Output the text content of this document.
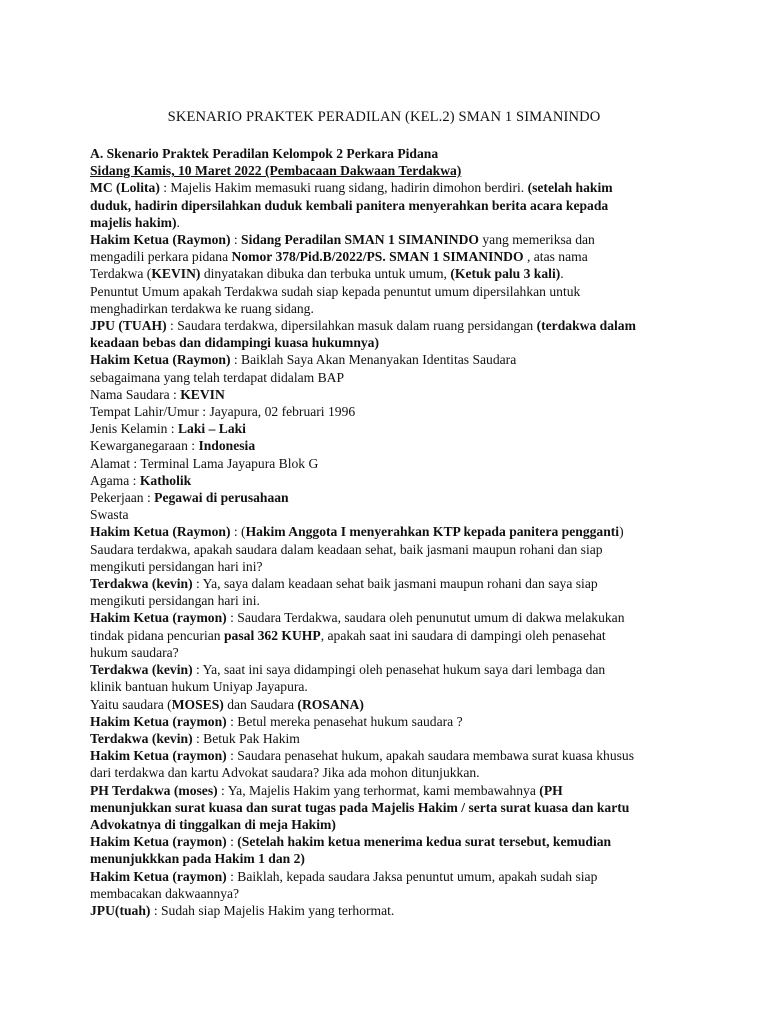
SKENARIO PRAKTEK PERADILAN (KEL.2) SMAN 1 SIMANINDO
A. Skenario Praktek Peradilan Kelompok 2 Perkara Pidana
Sidang Kamis, 10 Maret 2022 (Pembacaan Dakwaan Terdakwa)
MC (Lolita) : Majelis Hakim memasuki ruang sidang, hadirin dimohon berdiri. (setelah hakim
duduk, hadirin dipersilahkan duduk kembali panitera menyerahkan berita acara kepada
majelis hakim).
Hakim Ketua (Raymon) : Sidang Peradilan SMAN 1 SIMANINDO yang memeriksa dan
mengadili perkara pidana Nomor 378/Pid.B/2022/PS. SMAN 1 SIMANINDO , atas nama
Terdakwa (KEVIN) dinyatakan dibuka dan terbuka untuk umum, (Ketuk palu 3 kali).
Penuntut Umum apakah Terdakwa sudah siap kepada penuntut umum dipersilahkan untuk
menghadirkan terdakwa ke ruang sidang.
JPU (TUAH) : Saudara terdakwa, dipersilahkan masuk dalam ruang persidangan (terdakwa dalam
keadaan bebas dan didampingi kuasa hukumnya)
Hakim Ketua (Raymon) : Baiklah Saya Akan Menanyakan Identitas Saudara
sebagaimana yang telah terdapat didalam BAP
Nama Saudara : KEVIN
Tempat Lahir/Umur : Jayapura, 02 februari 1996
Jenis Kelamin : Laki – Laki
Kewarganegaraan : Indonesia
Alamat : Terminal Lama Jayapura Blok G
Agama : Katholik
Pekerjaan : Pegawai di perusahaan
Swasta
Hakim Ketua (Raymon) : (Hakim Anggota I menyerahkan KTP kepada panitera pengganti)
Saudara terdakwa, apakah saudara dalam keadaan sehat, baik jasmani maupun rohani dan siap
mengikuti persidangan hari ini?
Terdakwa (kevin) : Ya, saya dalam keadaan sehat baik jasmani maupun rohani dan saya siap
mengikuti persidangan hari ini.
Hakim Ketua (raymon) : Saudara Terdakwa, saudara oleh penunutut umum di dakwa melakukan
tindak pidana pencurian pasal 362 KUHP, apakah saat ini saudara di dampingi oleh penasehat
hukum saudara?
Terdakwa (kevin) : Ya, saat ini saya didampingi oleh penasehat hukum saya dari lembaga dan
klinik bantuan hukum Uniyap Jayapura.
Yaitu saudara (MOSES) dan Saudara (ROSANA)
Hakim Ketua (raymon) : Betul mereka penasehat hukum saudara ?
Terdakwa (kevin) : Betuk Pak Hakim
Hakim Ketua (raymon) : Saudara penasehat hukum, apakah saudara membawa surat kuasa khusus
dari terdakwa dan kartu Advokat saudara? Jika ada mohon ditunjukkan.
PH Terdakwa (moses) : Ya, Majelis Hakim yang terhormat, kami membawahnya (PH
menunjukkan surat kuasa dan surat tugas pada Majelis Hakim / serta surat kuasa dan kartu
Advokatnya di tinggalkan di meja Hakim)
Hakim Ketua (raymon) : (Setelah hakim ketua menerima kedua surat tersebut, kemudian
menunjukkkan pada Hakim 1 dan 2)
Hakim Ketua (raymon) : Baiklah, kepada saudara Jaksa penuntut umum, apakah sudah siap
membacakan dakwaannya?
JPU(tuah) : Sudah siap Majelis Hakim yang terhormat.
